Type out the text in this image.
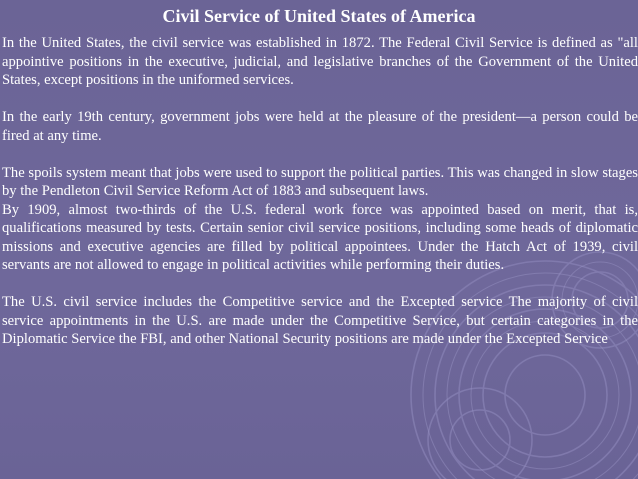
Civil Service of United States of America

In the United States, the civil service was established in 1872. The Federal Civil Service is defined as "all appointive positions in the executive, judicial, and legislative branches of the Government of the United States, except positions in the uniformed services.

In the early 19th century, government jobs were held at the pleasure of the president—a person could be fired at any time.

The spoils system meant that jobs were used to support the political parties. This was changed in slow stages by the Pendleton Civil Service Reform Act of 1883 and subsequent laws.

By 1909, almost two-thirds of the U.S. federal work force was appointed based on merit, that is, qualifications measured by tests. Certain senior civil service positions, including some heads of diplomatic missions and executive agencies are filled by political appointees. Under the Hatch Act of 1939, civil servants are not allowed to engage in political activities while performing their duties.

The U.S. civil service includes the Competitive service and the Excepted service The majority of civil service appointments in the U.S. are made under the Competitive Service, but certain categories in the Diplomatic Service the FBI, and other National Security positions are made under the Excepted Service
